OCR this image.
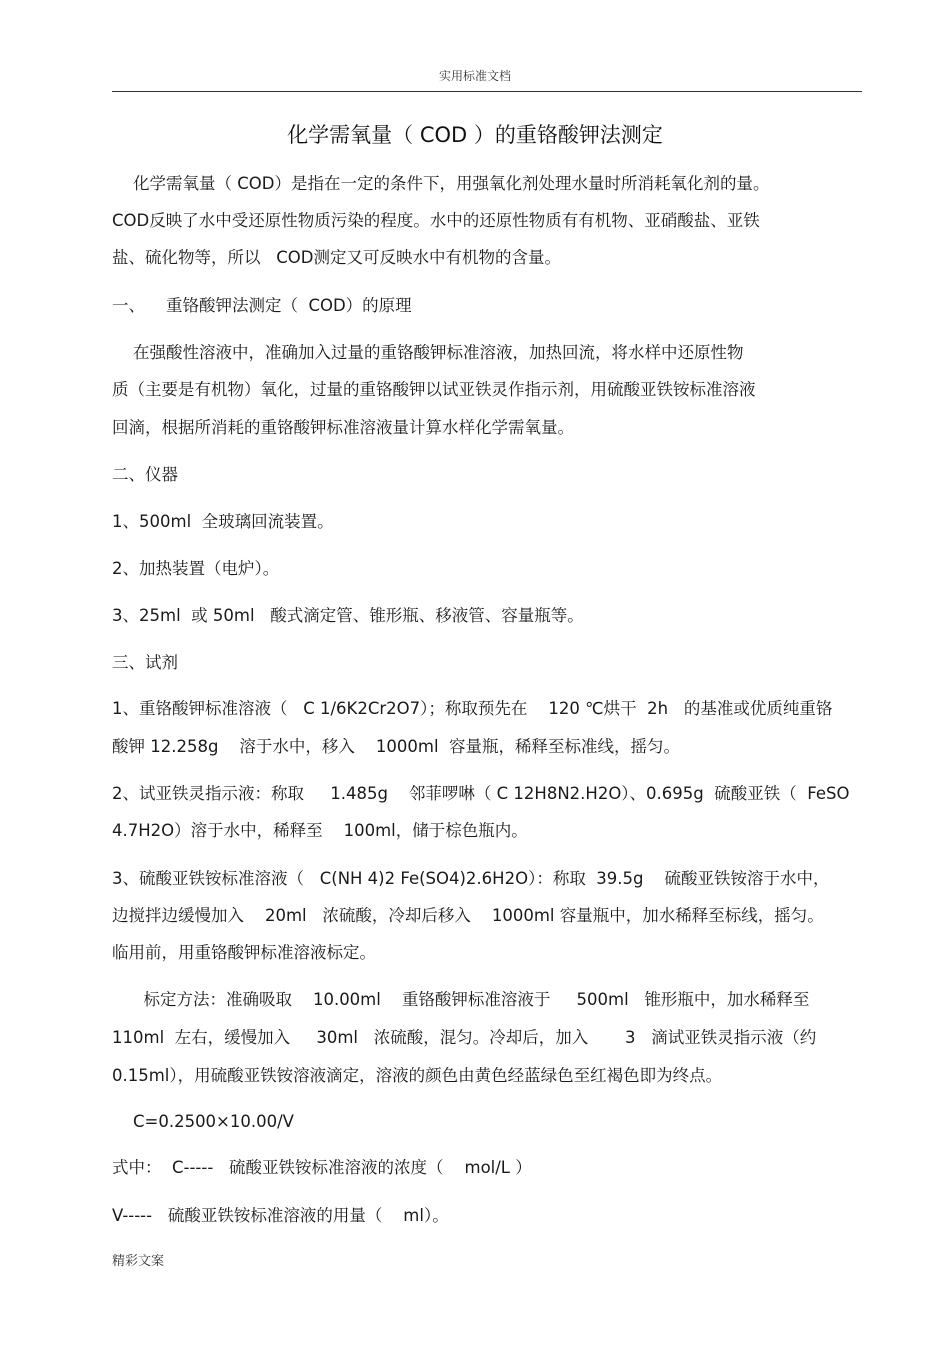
实用标准文档
化学需氧量（ COD ）的重铬酸钾法测定
化学需氧量（ COD）是指在一定的条件下，用强氧化剂处理水量时所消耗氧化剂的量。
COD反映了水中受还原性物质污染的程度。水中的还原性物质有有机物、亚硝酸盐、亚铁
盐、硫化物等，所以   COD测定又可反映水中有机物的含量。
一、    重铬酸钾法测定（  COD）的原理
在强酸性溶液中，准确加入过量的重铬酸钾标准溶液，加热回流，将水样中还原性物
质（主要是有机物）氧化，过量的重铬酸钾以试亚铁灵作指示剂，用硫酸亚铁铵标准溶液
回滴，根据所消耗的重铬酸钾标准溶液量计算水样化学需氧量。
二、仪器
1、500ml  全玻璃回流装置。
2、加热装置（电炉）。
3、25ml  或 50ml   酸式滴定管、锥形瓶、移液管、容量瓶等。
三、试剂
1、重铬酸钾标准溶液（   C 1/6K2Cr2O7）；称取预先在    120 ℃烘干  2h   的基准或优质纯重铬
酸钾 12.258g    溶于水中，移入    1000ml  容量瓶，稀释至标准线，摇匀。
2、试亚铁灵指示液：称取     1.485g    邻菲啰啉（ C 12H8N2.H2O）、0.695g  硫酸亚铁（  FeSO
4.7H2O）溶于水中，稀释至    100ml，储于棕色瓶内。
3、硫酸亚铁铵标准溶液（   C(NH 4)2 Fe(SO4)2.6H2O）：称取  39.5g    硫酸亚铁铵溶于水中，
边搅拌边缓慢加入    20ml   浓硫酸，冷却后移入    1000ml 容量瓶中，加水稀释至标线，摇匀。
临用前，用重铬酸钾标准溶液标定。
标定方法：准确吸取    10.00ml    重铬酸钾标准溶液于     500ml   锥形瓶中，加水稀释至
110ml  左右，缓慢加入     30ml   浓硫酸，混匀。冷却后，加入       3   滴试亚铁灵指示液（约
0.15ml），用硫酸亚铁铵溶液滴定，溶液的颜色由黄色经蓝绿色至红褐色即为终点。
C=0.2500×10.00/V
式中：  C-----   硫酸亚铁铵标准溶液的浓度（    mol/L ）
V-----   硫酸亚铁铵标准溶液的用量（    ml）。
精彩文案
